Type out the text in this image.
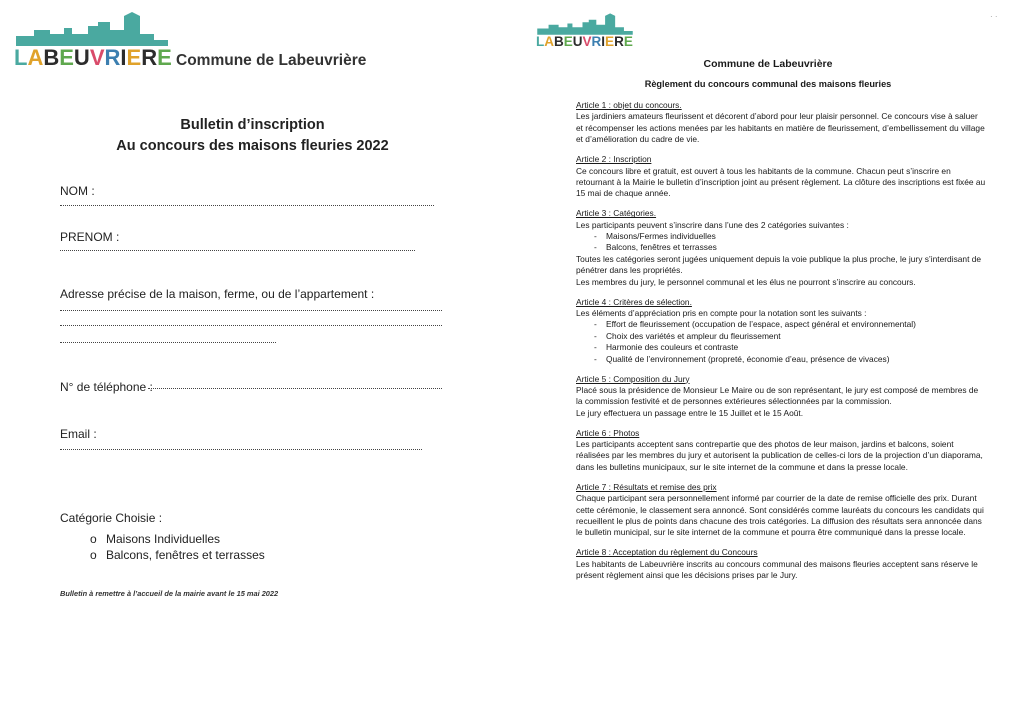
LABEUVRIERE Commune de Labeuvrière
Bulletin d’inscription
Au concours des maisons fleuries 2022
NOM :
PRENOM :
Adresse précise de la maison, ferme, ou de l’appartement :
N° de téléphone :
Email :
Catégorie Choisie :
o Maisons Individuelles
o Balcons, fenêtres et terrasses
Bulletin à remettre à l’accueil de la mairie avant le 15 mai 2022
LABEUVRIERE
· ·
Commune de Labeuvrière
Règlement du concours communal des maisons fleuries
Article 1 : objet du concours.
Les jardiniers amateurs fleurissent et décorent d’abord pour leur plaisir personnel. Ce concours vise à saluer et récompenser les actions menées par les habitants en matière de fleurissement, d’embellissement du village et d’amélioration du cadre de vie.
Article 2 : Inscription
Ce concours libre et gratuit, est ouvert à tous les habitants de la commune. Chacun peut s’inscrire en retournant à la Mairie le bulletin d’inscription joint au présent règlement. La clôture des inscriptions est fixée au 15 mai de chaque année.
Article 3 : Catégories.
Les participants peuvent s’inscrire dans l’une des 2 catégories suivantes :
- Maisons/Fermes individuelles
- Balcons, fenêtres et terrasses
Toutes les catégories seront jugées uniquement depuis la voie publique la plus proche, le jury s’interdisant de pénétrer dans les propriétés.
Les membres du jury, le personnel communal et les élus ne pourront s’inscrire au concours.
Article 4 : Critères de sélection.
Les éléments d’appréciation pris en compte pour la notation sont les suivants :
- Effort de fleurissement (occupation de l’espace, aspect général et environnemental)
- Choix des variétés et ampleur du fleurissement
- Harmonie des couleurs et contraste
- Qualité de l’environnement (propreté, économie d’eau, présence de vivaces)
Article 5 : Composition du Jury
Placé sous la présidence de Monsieur Le Maire ou de son représentant, le jury est composé de membres de la commission festivité et de personnes extérieures sélectionnées par la commission.
Le jury effectuera un passage entre le 15 Juillet et le 15 Août.
Article 6 : Photos
Les participants acceptent sans contrepartie que des photos de leur maison, jardins et balcons, soient réalisées par les membres du jury et autorisent la publication de celles-ci lors de la projection d’un diaporama, dans les bulletins municipaux, sur le site internet de la commune et dans la presse locale.
Article 7 : Résultats et remise des prix
Chaque participant sera personnellement informé par courrier de la date de remise officielle des prix. Durant cette cérémonie, le classement sera annoncé. Sont considérés comme lauréats du concours les candidats qui recueillent le plus de points dans chacune des trois catégories. La diffusion des résultats sera annoncée dans le bulletin municipal, sur le site internet de la commune et pourra être communiqué dans la presse locale.
Article 8 : Acceptation du règlement du Concours
Les habitants de Labeuvrière inscrits au concours communal des maisons fleuries acceptent sans réserve le présent règlement ainsi que les décisions prises par le Jury.
